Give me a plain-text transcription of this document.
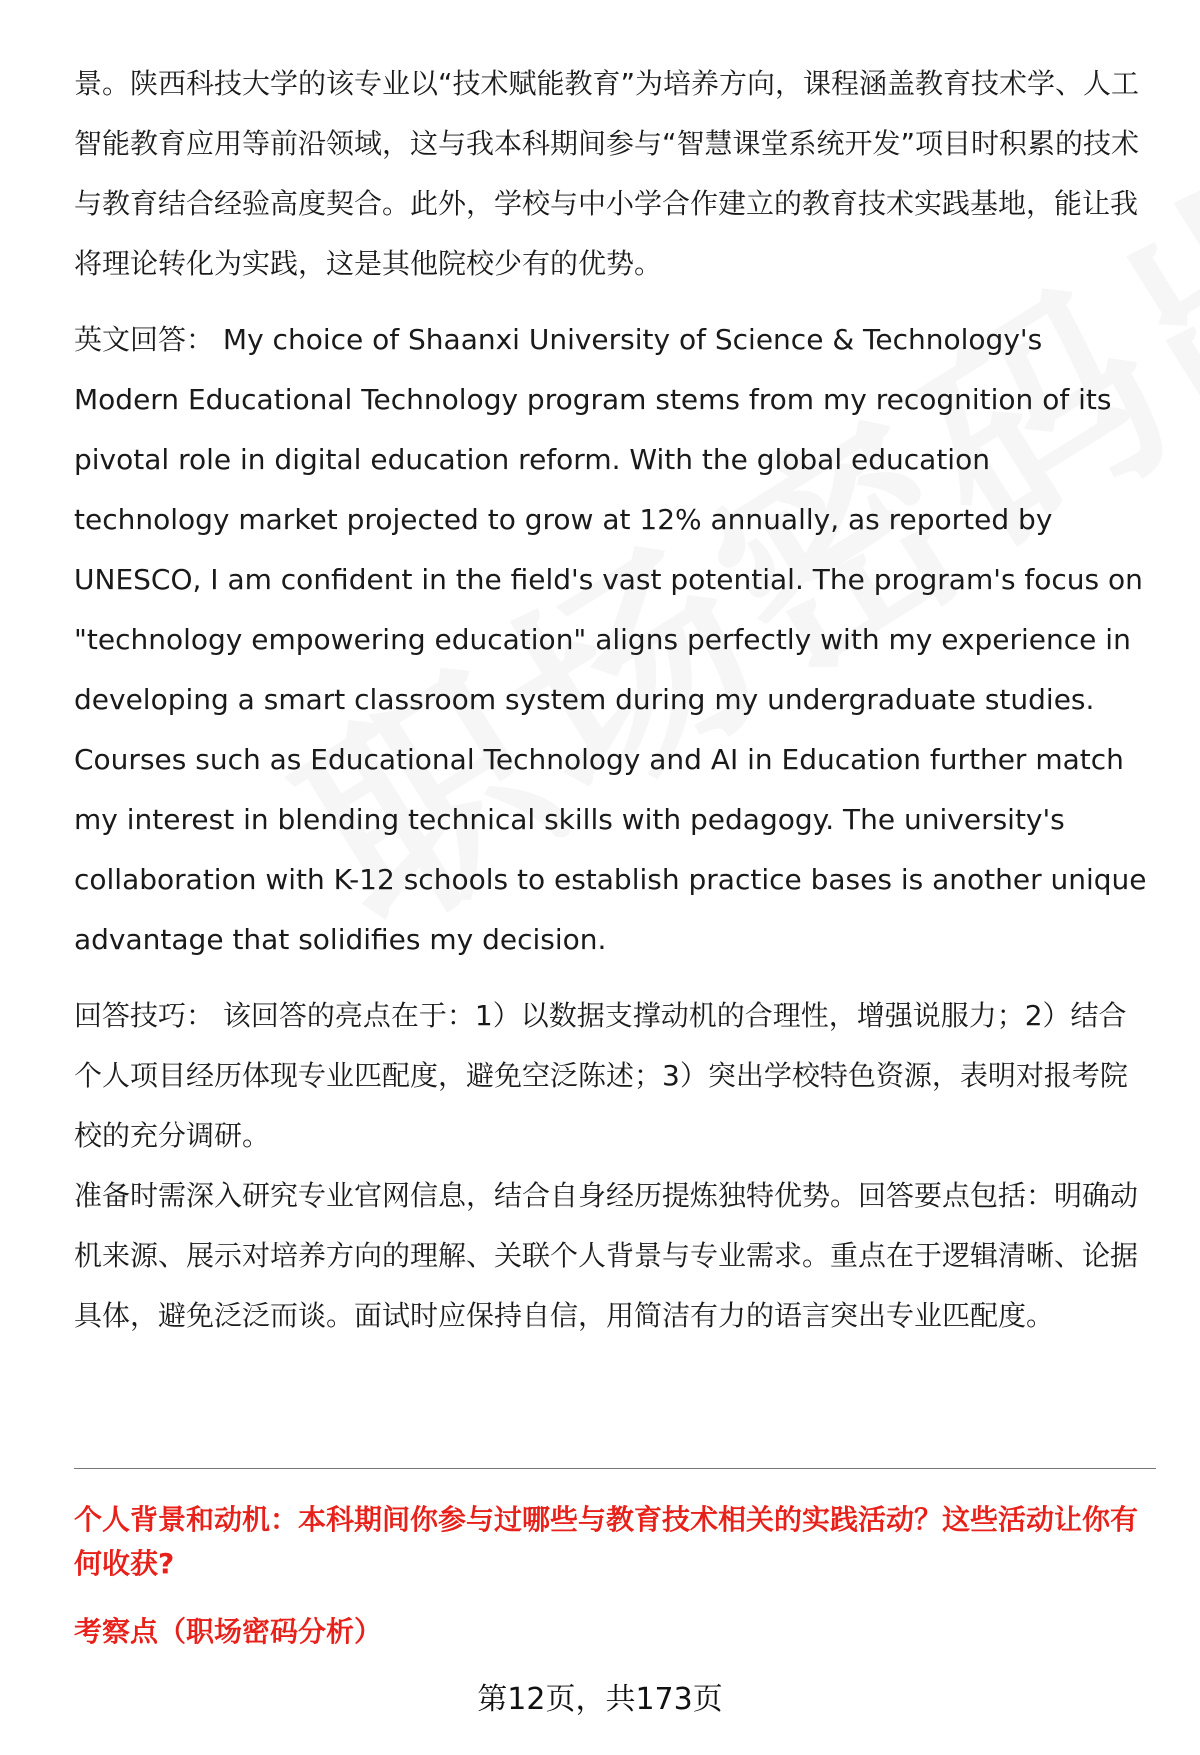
景。陕西科技大学的该专业以“技术赋能教育”为培养方向，课程涵盖教育技术学、人工智能教育应用等前沿领域，这与我本科期间参与“智慧课堂系统开发”项目时积累的技术与教育结合经验高度契合。此外，学校与中小学合作建立的教育技术实践基地，能让我将理论转化为实践，这是其他院校少有的优势。

英文回答： My choice of Shaanxi University of Science & Technology's Modern Educational Technology program stems from my recognition of its pivotal role in digital education reform. With the global education technology market projected to grow at 12% annually, as reported by UNESCO, I am confident in the field's vast potential. The program's focus on "technology empowering education" aligns perfectly with my experience in developing a smart classroom system during my undergraduate studies. Courses such as Educational Technology and AI in Education further match my interest in blending technical skills with pedagogy. The university's collaboration with K-12 schools to establish practice bases is another unique advantage that solidifies my decision.

回答技巧： 该回答的亮点在于：1）以数据支撑动机的合理性，增强说服力；2）结合个人项目经历体现专业匹配度，避免空泛陈述；3）突出学校特色资源，表明对报考院校的充分调研。

准备时需深入研究专业官网信息，结合自身经历提炼独特优势。回答要点包括：明确动机来源、展示对培养方向的理解、关联个人背景与专业需求。重点在于逻辑清晰、论据具体，避免泛泛而谈。面试时应保持自信，用简洁有力的语言突出专业匹配度。

个人背景和动机：本科期间你参与过哪些与教育技术相关的实践活动？这些活动让你有何收获?
考察点（职场密码分析）
第12页，共173页
